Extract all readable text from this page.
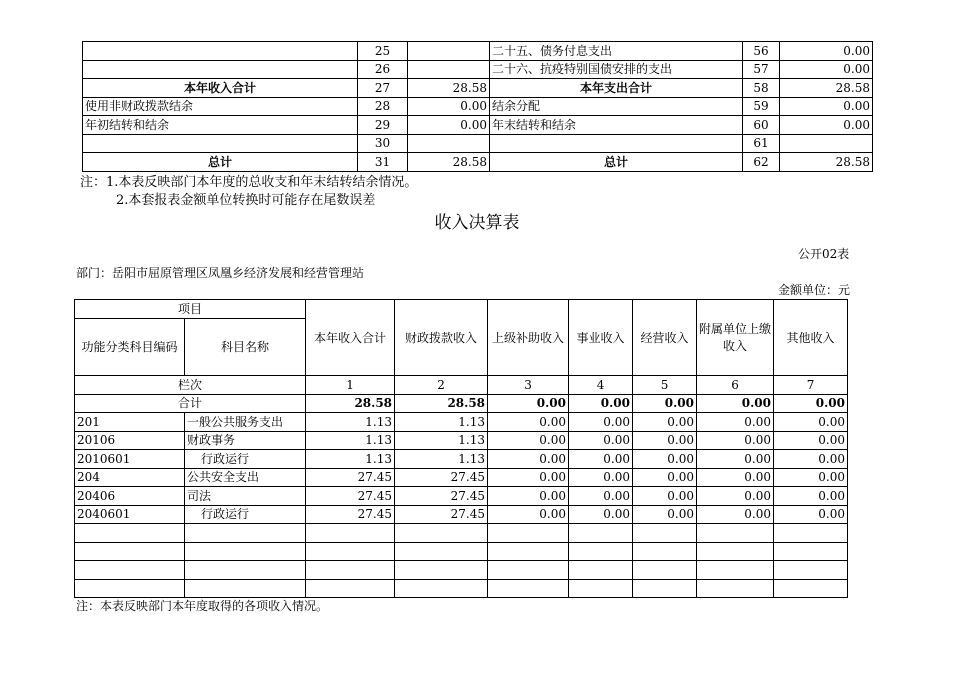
	25		二十五、债务付息支出	56	0.00
	26		二十六、抗疫特别国债安排的支出	57	0.00
本年收入合计	27	28.58	本年支出合计	58	28.58
使用非财政拨款结余	28	0.00	结余分配	59	0.00
年初结转和结余	29	0.00	年末结转和结余	60	0.00
	30			61	
总计	31	28.58	总计	62	28.58
注：1.本表反映部门本年度的总收支和年末结转结余情况。
2.本套报表金额单位转换时可能存在尾数误差
收入决算表
公开02表
部门：岳阳市屈原管理区凤凰乡经济发展和经营管理站
金额单位：元
项目		本年收入合计	财政拨款收入	上级补助收入	事业收入	经营收入	附属单位上缴收入	其他收入
功能分类科目编码	科目名称							
栏次		1	2	3	4	5	6	7
合计		28.58	28.58	0.00	0.00	0.00	0.00	0.00
201	一般公共服务支出	1.13	1.13	0.00	0.00	0.00	0.00	0.00
20106	财政事务	1.13	1.13	0.00	0.00	0.00	0.00	0.00
2010601	行政运行	1.13	1.13	0.00	0.00	0.00	0.00	0.00
204	公共安全支出	27.45	27.45	0.00	0.00	0.00	0.00	0.00
20406	司法	27.45	27.45	0.00	0.00	0.00	0.00	0.00
2040601	行政运行	27.45	27.45	0.00	0.00	0.00	0.00	0.00

注：本表反映部门本年度取得的各项收入情况。
